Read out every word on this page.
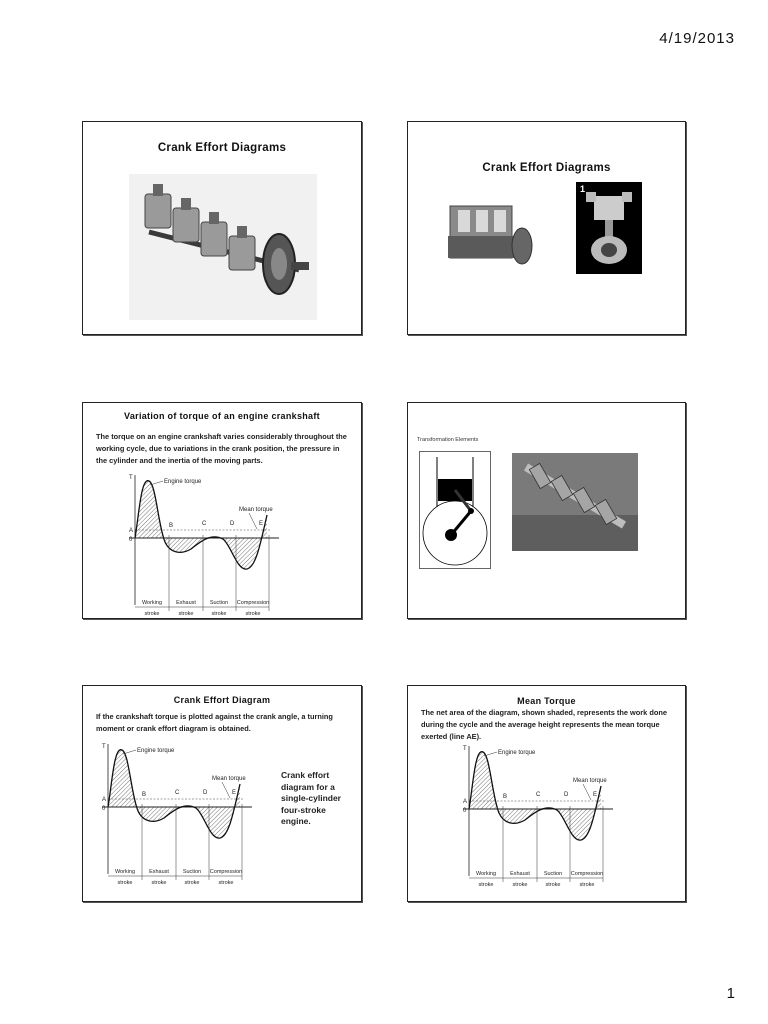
4/19/2013
Crank Effort Diagrams
Crank Effort Diagrams
1
Variation of torque of an engine crankshaft
The torque on an engine crankshaft varies considerably throughout the working cycle, due to variations in the crank position, the pressure in the cylinder and the inertia of the moving parts.
T
Engine torque
Mean torque
A
0
B	C	D	E
Working
stroke
Exhaust
stroke
Suction
stroke
Compression
stroke
Transformation Elements
Crank Effort Diagram
If the crankshaft torque is plotted against the crank angle, a turning moment or crank effort diagram is obtained.
T
Engine torque
Mean torque
A
0
B	C	D	E
Working
stroke
Exhaust
stroke
Suction
stroke
Compression
stroke
Crank effort diagram for a single-cylinder four-stroke engine.
Mean Torque
The net area of the diagram, shown shaded, represents the work done during the cycle and the average height represents the mean torque exerted (line AE).
T
Engine torque
Mean torque
A
0
B	C	D	E
Working
stroke
Exhaust
stroke
Suction
stroke
Compression
stroke
1
